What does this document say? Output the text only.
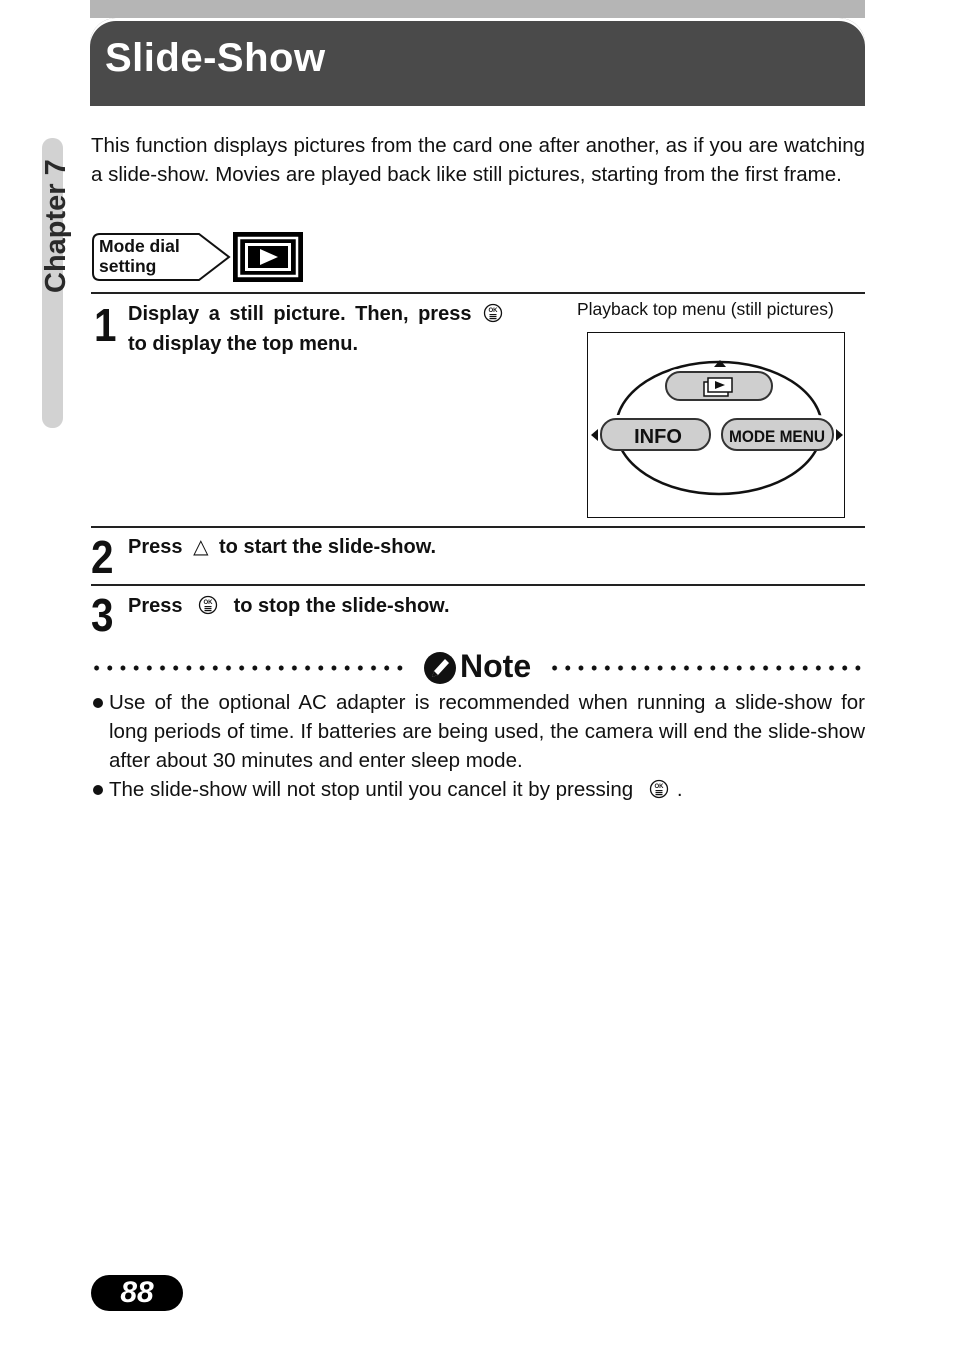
Slide-Show
Chapter 7
This function displays pictures from the card one after another, as if you are watching a slide-show. Movies are played back like still pictures, starting from the first frame.
Mode dial
setting
1 Display a still picture. Then, press	OK

to display the top menu.
Playback top menu (still pictures)
INFO	MODE MENU
2 Press △ to start the slide-show.
3 Press	OK to stop the slide-show.
Note
Use of the optional AC adapter is recommended when running a slide-show for long periods of time. If batteries are being used, the camera will end the slide-show after about 30 minutes and enter sleep mode.
The slide-show will not stop until you cancel it by pressing	OK .
88
